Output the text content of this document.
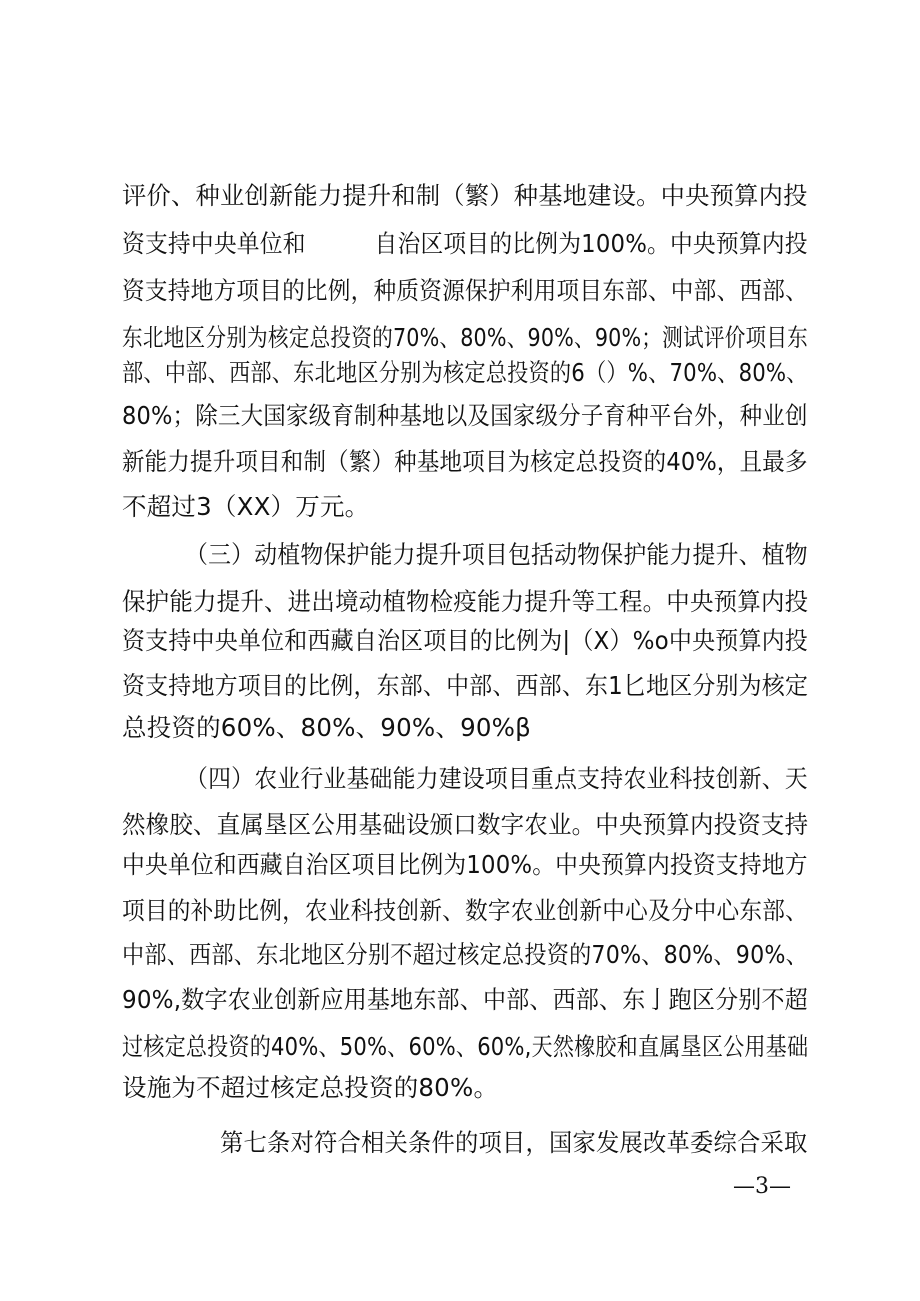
评价、种业创新能力提升和制（繁）种基地建设。中央预算内投
资支持中央单位和　　　自治区项目的比例为100%。中央预算内投
资支持地方项目的比例，种质资源保护利用项目东部、中部、西部、
东北地区分别为核定总投资的70%、80%、90%、90%；测试评价项目东
部、中部、西部、东北地区分别为核定总投资的6（）%、70%、80%、
80%；除三大国家级育制种基地以及国家级分子育种平台外，种业创
新能力提升项目和制（繁）种基地项目为核定总投资的40%，且最多
不超过3（XX）万元。
（三）动植物保护能力提升项目包括动物保护能力提升、植物
保护能力提升、进出境动植物检疫能力提升等工程。中央预算内投
资支持中央单位和西藏自治区项目的比例为|（X）%o中央预算内投
资支持地方项目的比例，东部、中部、西部、东1匕地区分别为核定
总投资的60%、80%、90%、90%β
（四）农业行业基础能力建设项目重点支持农业科技创新、天
然橡胶、直属垦区公用基础设颁口数字农业。中央预算内投资支持
中央单位和西藏自治区项目比例为100%。中央预算内投资支持地方
项目的补助比例，农业科技创新、数字农业创新中心及分中心东部、
中部、西部、东北地区分别不超过核定总投资的70%、80%、90%、
90%,数字农业创新应用基地东部、中部、西部、东亅跑区分别不超
过核定总投资的40%、50%、60%、60%,天然橡胶和直属垦区公用基础
设施为不超过核定总投资的80%。
第七条对符合相关条件的项目，国家发展改革委综合采取
—3—
